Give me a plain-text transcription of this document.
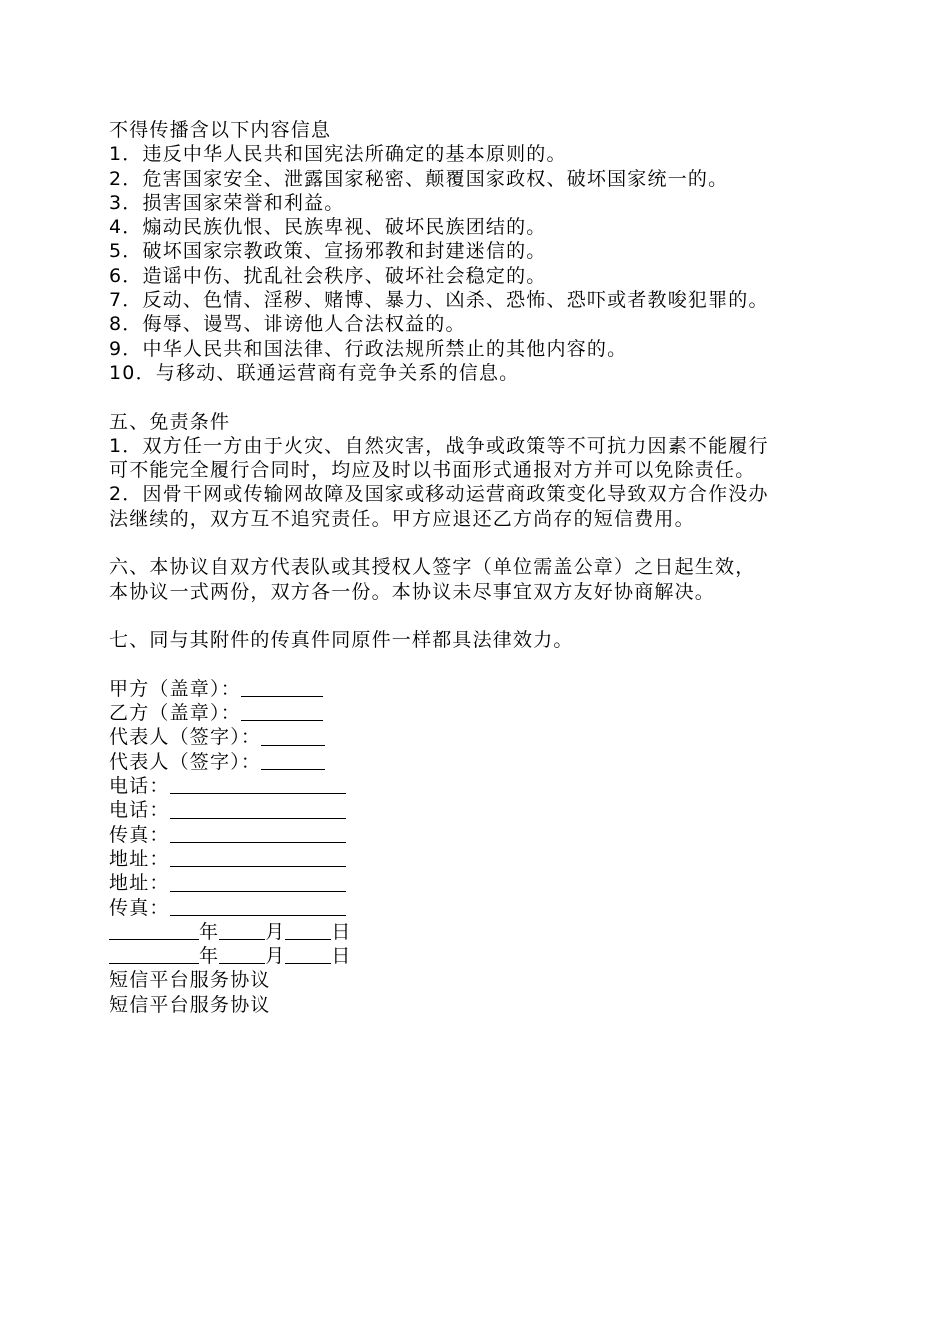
不得传播含以下内容信息
1．违反中华人民共和国宪法所确定的基本原则的。
2．危害国家安全、泄露国家秘密、颠覆国家政权、破坏国家统一的。
3．损害国家荣誉和利益。
4．煽动民族仇恨、民族卑视、破坏民族团结的。
5．破坏国家宗教政策、宣扬邪教和封建迷信的。
6．造谣中伤、扰乱社会秩序、破坏社会稳定的。
7．反动、色情、淫秽、赌博、暴力、凶杀、恐怖、恐吓或者教唆犯罪的。
8．侮辱、谩骂、诽谤他人合法权益的。
9．中华人民共和国法律、行政法规所禁止的其他内容的。
10．与移动、联通运营商有竞争关系的信息。
五、免责条件
1．双方任一方由于火灾、自然灾害，战争或政策等不可抗力因素不能履行
可不能完全履行合同时，均应及时以书面形式通报对方并可以免除责任。
2．因骨干网或传输网故障及国家或移动运营商政策变化导致双方合作没办
法继续的，双方互不追究责任。甲方应退还乙方尚存的短信费用。
六、本协议自双方代表队或其授权人签字（单位需盖公章）之日起生效，
本协议一式两份，双方各一份。本协议未尽事宜双方友好协商解决。
七、同与其附件的传真件同原件一样都具法律效力。
甲方（盖章）：
乙方（盖章）：
代表人（签字）：
代表人（签字）：
电话：
电话：
传真：
地址：
地址：
传真：
年 月 日
年 月 日
短信平台服务协议
短信平台服务协议
